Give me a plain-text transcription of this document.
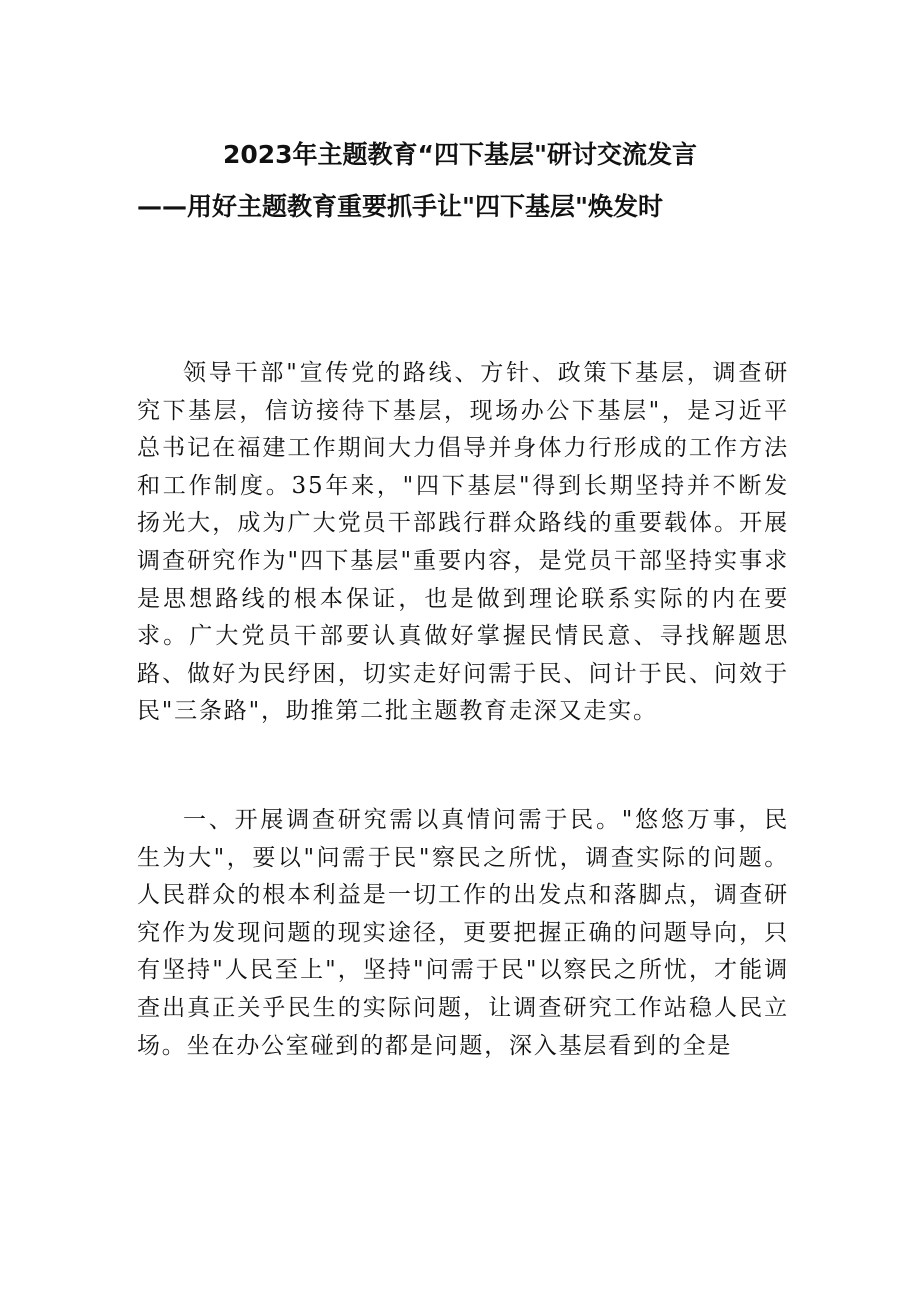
2023年主题教育“四下基层"研讨交流发言
——用好主题教育重要抓手让"四下基层"焕发时

领导干部"宣传党的路线、方针、政策下基层，调查研究下基层，信访接待下基层，现场办公下基层"，是习近平总书记在福建工作期间大力倡导并身体力行形成的工作方法和工作制度。35年来，"四下基层"得到长期坚持并不断发扬光大，成为广大党员干部践行群众路线的重要载体。开展调查研究作为"四下基层"重要内容，是党员干部坚持实事求是思想路线的根本保证，也是做到理论联系实际的内在要求。广大党员干部要认真做好掌握民情民意、寻找解题思路、做好为民纾困，切实走好问需于民、问计于民、问效于民"三条路"，助推第二批主题教育走深又走实。

一、开展调查研究需以真情问需于民。"悠悠万事，民生为大"，要以"问需于民"察民之所忧，调查实际的问题。人民群众的根本利益是一切工作的出发点和落脚点，调查研究作为发现问题的现实途径，更要把握正确的问题导向，只有坚持"人民至上"，坚持"问需于民"以察民之所忧，才能调查出真正关乎民生的实际问题，让调查研究工作站稳人民立场。坐在办公室碰到的都是问题，深入基层看到的全是
